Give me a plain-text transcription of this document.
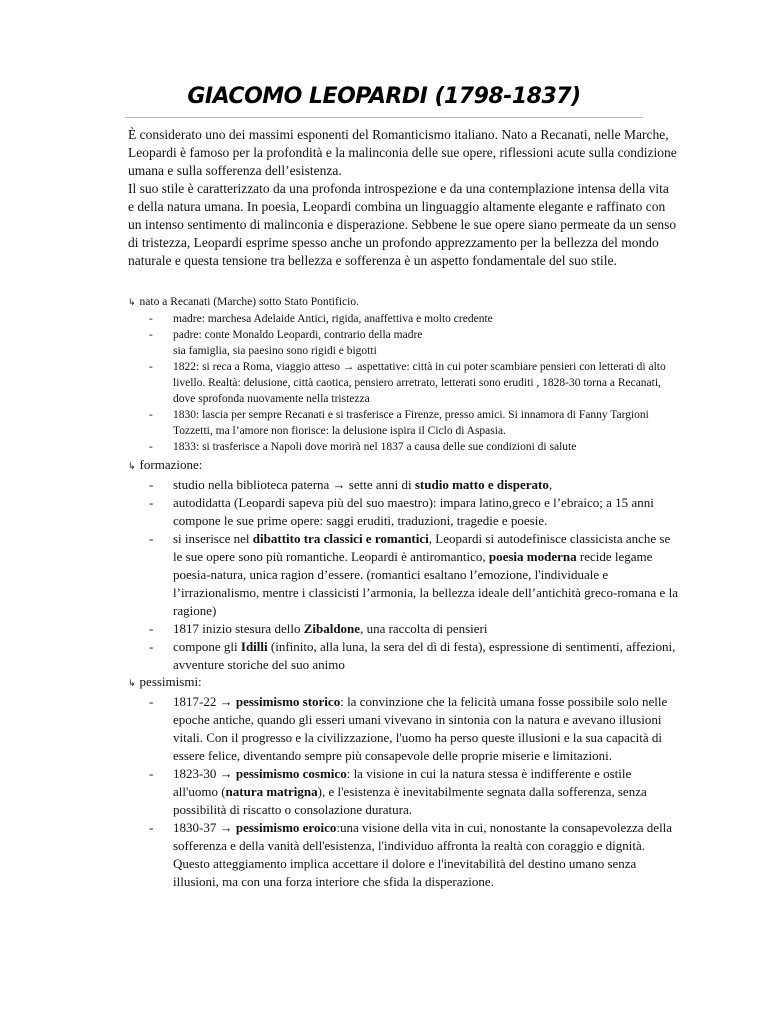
GIACOMO LEOPARDI (1798-1837)

È considerato uno dei massimi esponenti del Romanticismo italiano. Nato a Recanati, nelle Marche, Leopardi è famoso per la profondità e la malinconia delle sue opere, riflessioni acute sulla condizione umana e sulla sofferenza dell’esistenza.

Il suo stile è caratterizzato da una profonda introspezione e da una contemplazione intensa della vita e della natura umana. In poesia, Leopardi combina un linguaggio altamente elegante e raffinato con un intenso sentimento di malinconia e disperazione. Sebbene le sue opere siano permeate da un senso di tristezza, Leopardi esprime spesso anche un profondo apprezzamento per la bellezza del mondo naturale e questa tensione tra bellezza e sofferenza è un aspetto fondamentale del suo stile.

↳ nato a Recanati (Marche) sotto Stato Pontificio.

- madre: marchesa Adelaide Antici, rigida, anaffettiva e molto credente
- padre: conte Monaldo Leopardi, contrario della madre
sia famiglia, sia paesino sono rigidi e bigotti
- 1822: si reca a Roma, viaggio atteso → aspettative: città in cui poter scambiare pensieri con letterati di alto livello. Realtà: delusione, città caotica, pensiero arretrato, letterati sono eruditi , 1828-30 torna a Recanati, dove sprofonda nuovamente nella tristezza
- 1830: lascia per sempre Recanati e si trasferisce a Firenze, presso amici. Si innamora di Fanny Targioni Tozzetti, ma l’amore non fiorisce: la delusione ispira il Ciclo di Aspasia.
- 1833: si trasferisce a Napoli dove morirà nel 1837 a causa delle sue condizioni di salute

↳ formazione:

- studio nella biblioteca paterna → sette anni di studio matto e disperato,
- autodidatta (Leopardi sapeva più del suo maestro): impara latino,greco e l’ebraico; a 15 anni compone le sue prime opere: saggi eruditi, traduzioni, tragedie e poesie.
- si inserisce nel dibattito tra classici e romantici, Leopardi si autodefinisce classicista anche se le sue opere sono più romantiche. Leopardi è antiromantico, poesia moderna recide legame poesia-natura, unica ragion d’essere. (romantici esaltano l’emozione, l'individuale e l’irrazionalismo, mentre i classicisti l’armonia, la bellezza ideale dell’antichità greco-romana e la ragione)
- 1817 inizio stesura dello Zibaldone, una raccolta di pensieri
- compone gli Idilli (infinito, alla luna, la sera del dì di festa), espressione di sentimenti, affezioni, avventure storiche del suo animo

↳ pessimismi:

- 1817-22 → pessimismo storico: la convinzione che la felicità umana fosse possibile solo nelle epoche antiche, quando gli esseri umani vivevano in sintonia con la natura e avevano illusioni vitali. Con il progresso e la civilizzazione, l'uomo ha perso queste illusioni e la sua capacità di essere felice, diventando sempre più consapevole delle proprie miserie e limitazioni.
- 1823-30 → pessimismo cosmico: la visione in cui la natura stessa è indifferente e ostile all'uomo (natura matrigna), e l'esistenza è inevitabilmente segnata dalla sofferenza, senza possibilità di riscatto o consolazione duratura.
- 1830-37 → pessimismo eroico:una visione della vita in cui, nonostante la consapevolezza della sofferenza e della vanità dell'esistenza, l'individuo affronta la realtà con coraggio e dignità. Questo atteggiamento implica accettare il dolore e l'inevitabilità del destino umano senza illusioni, ma con una forza interiore che sfida la disperazione.
